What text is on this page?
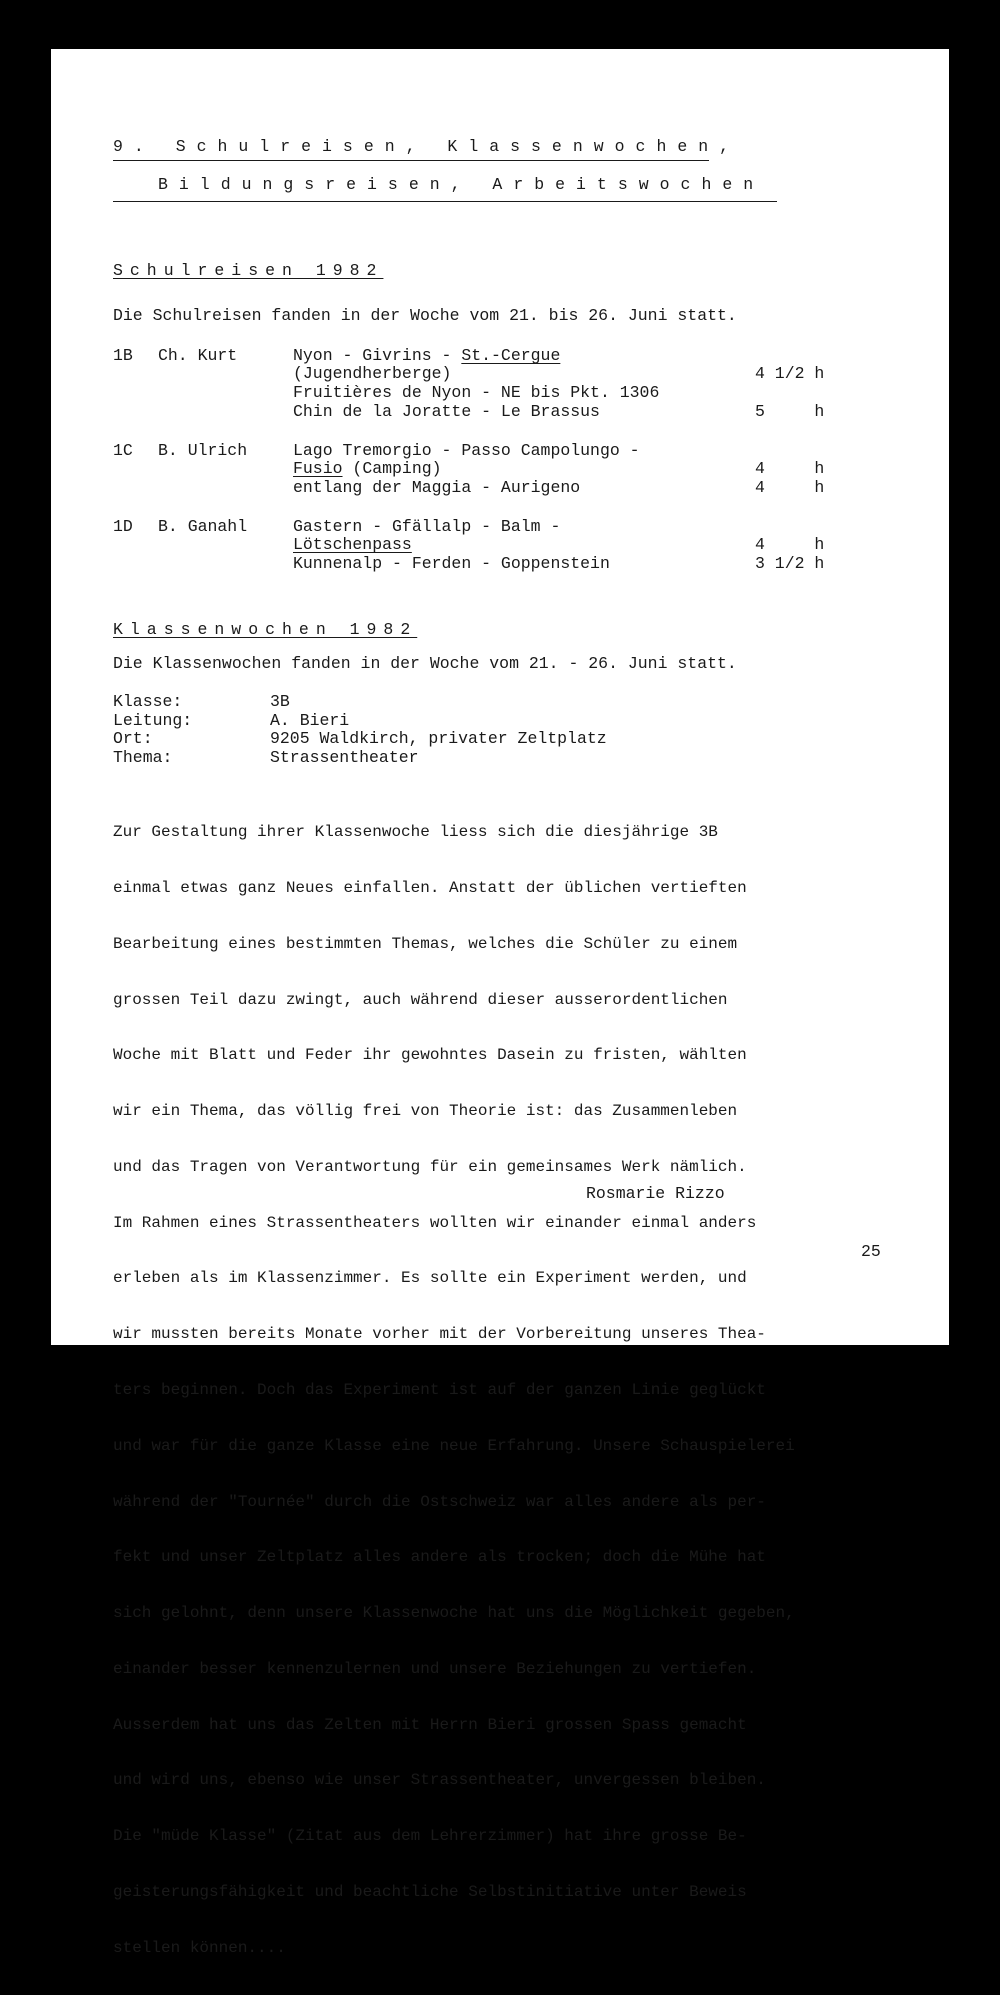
9. Schulreisen, Klassenwochen,
Bildungsreisen, Arbeitswochen
Schulreisen 1982
Die Schulreisen fanden in der Woche vom 21. bis 26. Juni statt.
1B Ch. Kurt	Nyon - Givrins - St.-Cergue
(Jugendherberge)	4 1/2 h
Fruitières de Nyon - NE bis Pkt. 1306
Chin de la Joratte - Le Brassus	5     h
1C B. Ulrich	Lago Tremorgio - Passo Campolungo -
Fusio (Camping)	4     h
entlang der Maggia - Aurigeno	4     h
1D B. Ganahl	Gastern - Gfällalp - Balm -
Lötschenpass	4     h
Kunnenalp - Ferden - Goppenstein	3 1/2 h
Klassenwochen 1982
Die Klassenwochen fanden in der Woche vom 21. - 26. Juni statt.
Klasse:	3B
Leitung:	A. Bieri
Ort:	9205 Waldkirch, privater Zeltplatz
Thema:	Strassentheater

Zur Gestaltung ihrer Klassenwoche liess sich die diesjährige 3B

einmal etwas ganz Neues einfallen. Anstatt der üblichen vertieften

Bearbeitung eines bestimmten Themas, welches die Schüler zu einem

grossen Teil dazu zwingt, auch während dieser ausserordentlichen

Woche mit Blatt und Feder ihr gewohntes Dasein zu fristen, wählten

wir ein Thema, das völlig frei von Theorie ist: das Zusammenleben

und das Tragen von Verantwortung für ein gemeinsames Werk nämlich.

Im Rahmen eines Strassentheaters wollten wir einander einmal anders

erleben als im Klassenzimmer. Es sollte ein Experiment werden, und

wir mussten bereits Monate vorher mit der Vorbereitung unseres Thea-

ters beginnen. Doch das Experiment ist auf der ganzen Linie geglückt

und war für die ganze Klasse eine neue Erfahrung. Unsere Schauspielerei

während der "Tournée" durch die Ostschweiz war alles andere als per-

fekt und unser Zeltplatz alles andere als trocken; doch die Mühe hat

sich gelohnt, denn unsere Klassenwoche hat uns die Möglichkeit gegeben,

einander besser kennenzulernen und unsere Beziehungen zu vertiefen.

Ausserdem hat uns das Zelten mit Herrn Bieri grossen Spass gemacht

und wird uns, ebenso wie unser Strassentheater, unvergessen bleiben.

Die "müde Klasse" (Zitat aus dem Lehrerzimmer) hat ihre grosse Be-

geisterungsfähigkeit und beachtliche Selbstinitiative unter Beweis

stellen können....

Rosmarie Rizzo
25
